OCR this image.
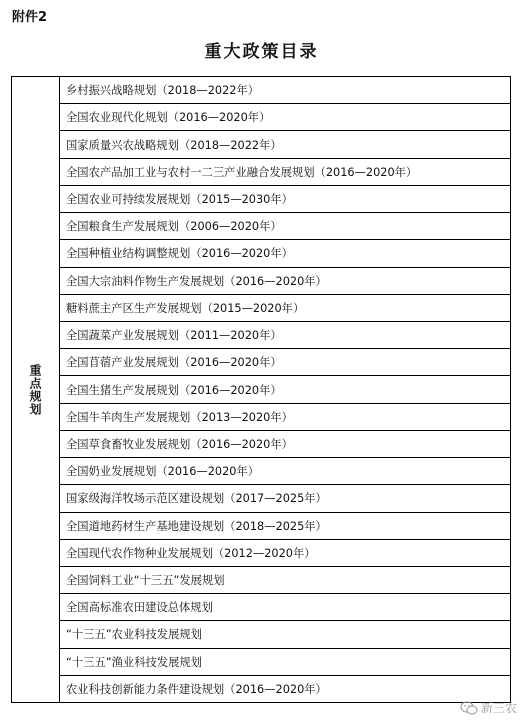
附件2
重大政策目录
重点规划
乡村振兴战略规划（2018—2022年）
全国农业现代化规划（2016—2020年）
国家质量兴农战略规划（2018—2022年）
全国农产品加工业与农村一二三产业融合发展规划（2016—2020年）
全国农业可持续发展规划（2015—2030年）
全国粮食生产发展规划（2006—2020年）
全国种植业结构调整规划（2016—2020年）
全国大宗油料作物生产发展规划（2016—2020年）
糖料蔗主产区生产发展规划（2015—2020年）
全国蔬菜产业发展规划（2011—2020年）
全国苜蓿产业发展规划（2016—2020年）
全国生猪生产发展规划（2016—2020年）
全国牛羊肉生产发展规划（2013—2020年）
全国草食畜牧业发展规划（2016—2020年）
全国奶业发展规划（2016—2020年）
国家级海洋牧场示范区建设规划（2017—2025年）
全国道地药材生产基地建设规划（2018—2025年）
全国现代农作物种业发展规划（2012—2020年）
全国饲料工业“十三五”发展规划
全国高标准农田建设总体规划
“十三五”农业科技发展规划
“十三五”渔业科技发展规划
农业科技创新能力条件建设规划（2016—2020年）
新三农
